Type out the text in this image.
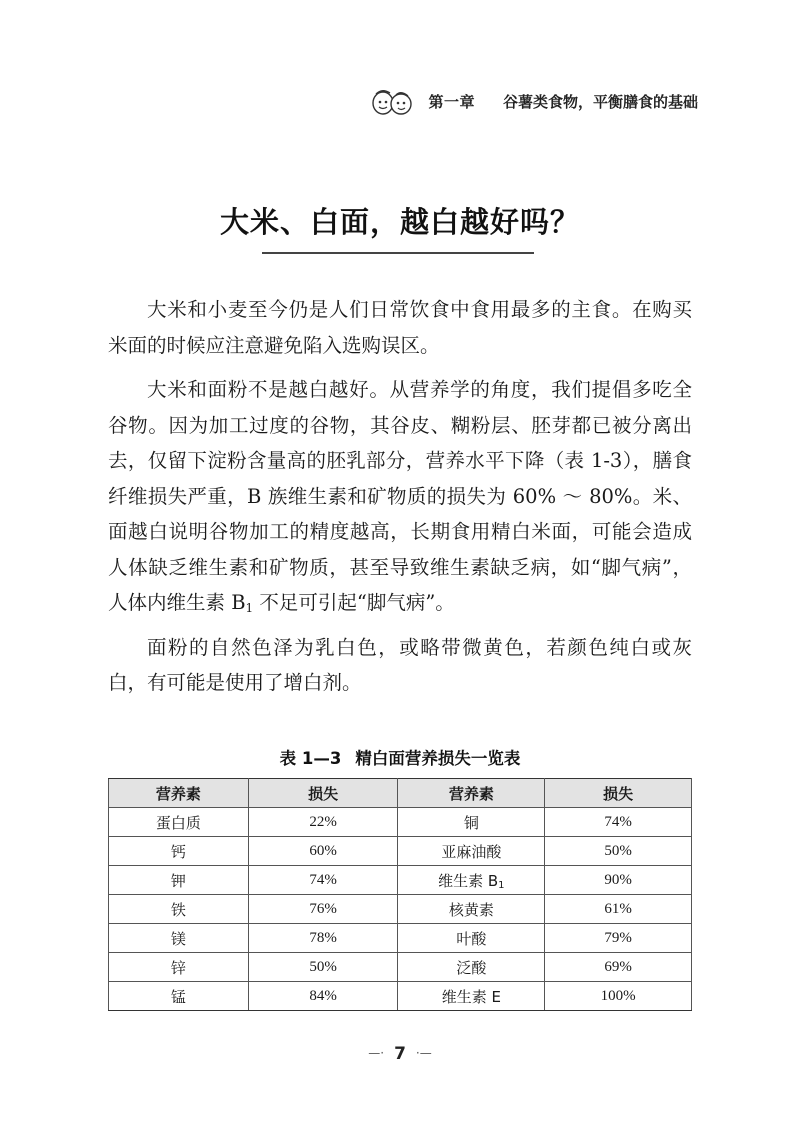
第一章 谷薯类食物，平衡膳食的基础
大米、白面，越白越好吗？

大米和小麦至今仍是人们日常饮食中食用最多的主食。在购买米面的时候应注意避免陷入选购误区。

大米和面粉不是越白越好。从营养学的角度，我们提倡多吃全谷物。因为加工过度的谷物，其谷皮、糊粉层、胚芽都已被分离出去，仅留下淀粉含量高的胚乳部分，营养水平下降（表 1-3），膳食纤维损失严重，B 族维生素和矿物质的损失为 60% ～ 80%。米、面越白说明谷物加工的精度越高，长期食用精白米面，可能会造成人体缺乏维生素和矿物质，甚至导致维生素缺乏病，如“脚气病”，人体内维生素 $B_1$ 不足可引起“脚气病”。

面粉的自然色泽为乳白色，或略带微黄色，若颜色纯白或灰白，有可能是使用了增白剂。

表 1—3 精白面营养损失一览表
营养素	损失	营养素	损失
蛋白质	22%	铜	74%
钙	60%	亚麻油酸	50%
钾	74%	维生素 $B_1$	90%
铁	76%	核黄素	61%
镁	78%	叶酸	79%
锌	50%	泛酸	69%
锰	84%	维生素 E	100%
—· 7 ·—
